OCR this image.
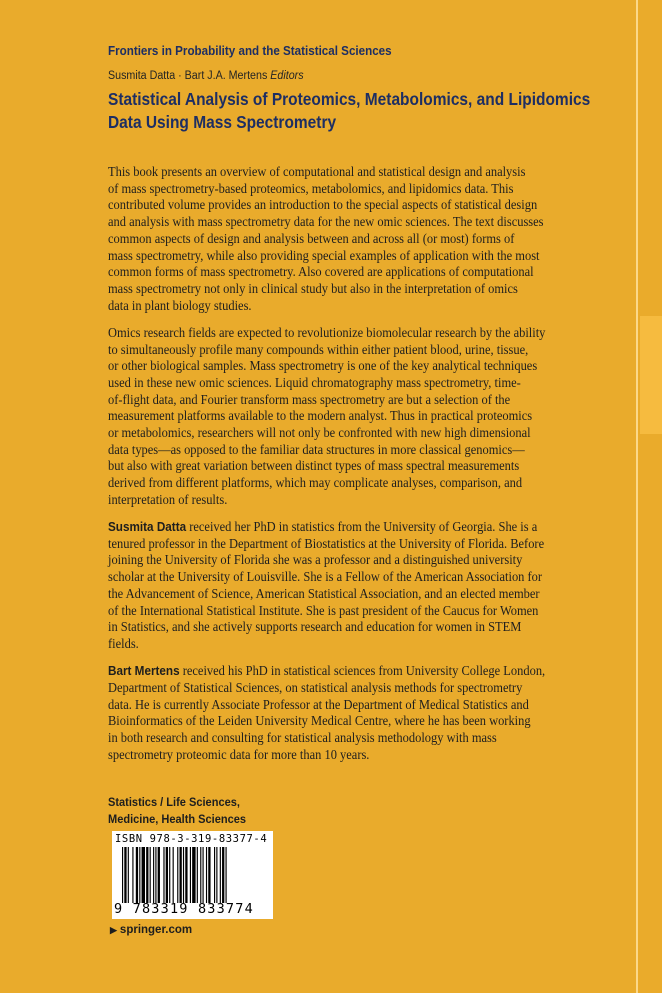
Frontiers in Probability and the Statistical Sciences
Susmita Datta · Bart J.A. Mertens Editors
Statistical Analysis of Proteomics, Metabolomics, and Lipidomics
Data Using Mass Spectrometry
This book presents an overview of computational and statistical design and analysis
of mass spectrometry-based proteomics, metabolomics, and lipidomics data. This
contributed volume provides an introduction to the special aspects of statistical design
and analysis with mass spectrometry data for the new omic sciences. The text discusses
common aspects of design and analysis between and across all (or most) forms of
mass spectrometry, while also providing special examples of application with the most
common forms of mass spectrometry. Also covered are applications of computational
mass spectrometry not only in clinical study but also in the interpretation of omics
data in plant biology studies.
Omics research fields are expected to revolutionize biomolecular research by the ability
to simultaneously profile many compounds within either patient blood, urine, tissue,
or other biological samples. Mass spectrometry is one of the key analytical techniques
used in these new omic sciences. Liquid chromatography mass spectrometry, time-
of-flight data, and Fourier transform mass spectrometry are but a selection of the
measurement platforms available to the modern analyst. Thus in practical proteomics
or metabolomics, researchers will not only be confronted with new high dimensional
data types—as opposed to the familiar data structures in more classical genomics—
but also with great variation between distinct types of mass spectral measurements
derived from different platforms, which may complicate analyses, comparison, and
interpretation of results.
Susmita Datta received her PhD in statistics from the University of Georgia. She is a
tenured professor in the Department of Biostatistics at the University of Florida. Before
joining the University of Florida she was a professor and a distinguished university
scholar at the University of Louisville. She is a Fellow of the American Association for
the Advancement of Science, American Statistical Association, and an elected member
of the International Statistical Institute. She is past president of the Caucus for Women
in Statistics, and she actively supports research and education for women in STEM
fields.
Bart Mertens received his PhD in statistical sciences from University College London,
Department of Statistical Sciences, on statistical analysis methods for spectrometry
data. He is currently Associate Professor at the Department of Medical Statistics and
Bioinformatics of the Leiden University Medical Centre, where he has been working
in both research and consulting for statistical analysis methodology with mass
spectrometry proteomic data for more than 10 years.
Statistics / Life Sciences,
Medicine, Health Sciences
ISBN 978-3-319-83377-4
9 783319 833774
▶ springer.com
